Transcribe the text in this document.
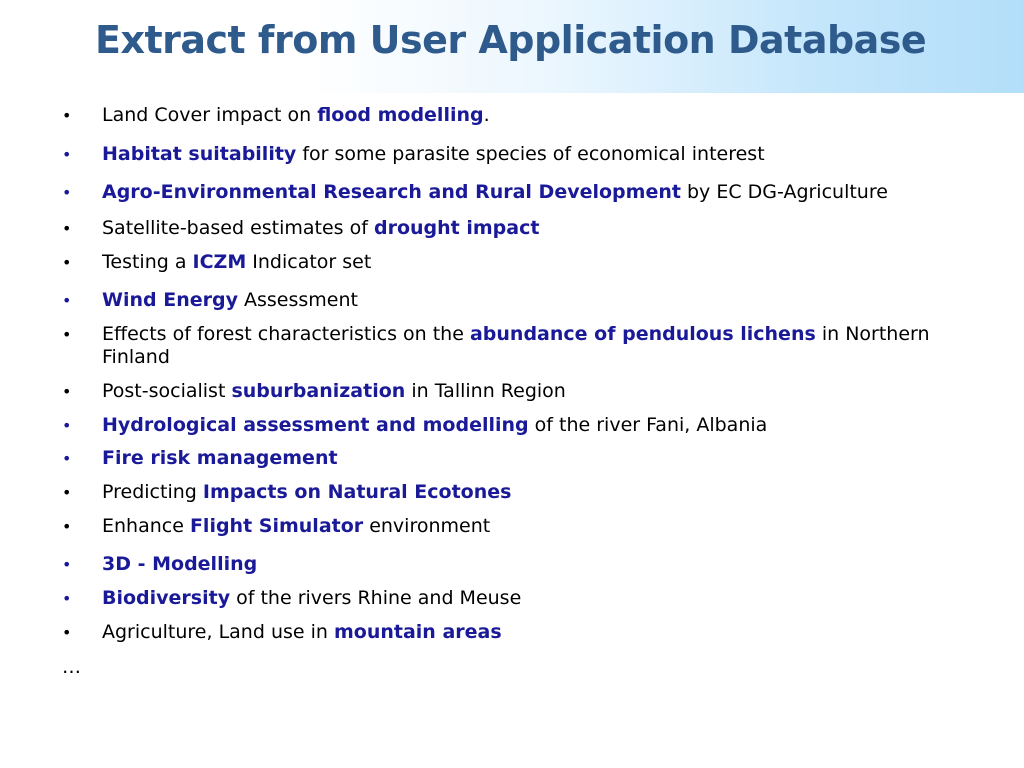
Extract from User Application Database
• Land Cover impact on flood modelling.
• Habitat suitability for some parasite species of economical interest
• Agro-Environmental Research and Rural Development by EC DG-Agriculture
• Satellite-based estimates of drought impact
• Testing a ICZM Indicator set
• Wind Energy Assessment
• Effects of forest characteristics on the abundance of pendulous lichens in Northern Finland
• Post-socialist suburbanization in Tallinn Region
• Hydrological assessment and modelling of the river Fani, Albania
• Fire risk management
• Predicting Impacts on Natural Ecotones
• Enhance Flight Simulator environment
• 3D - Modelling
• Biodiversity of the rivers Rhine and Meuse
• Agriculture, Land use in mountain areas
…
